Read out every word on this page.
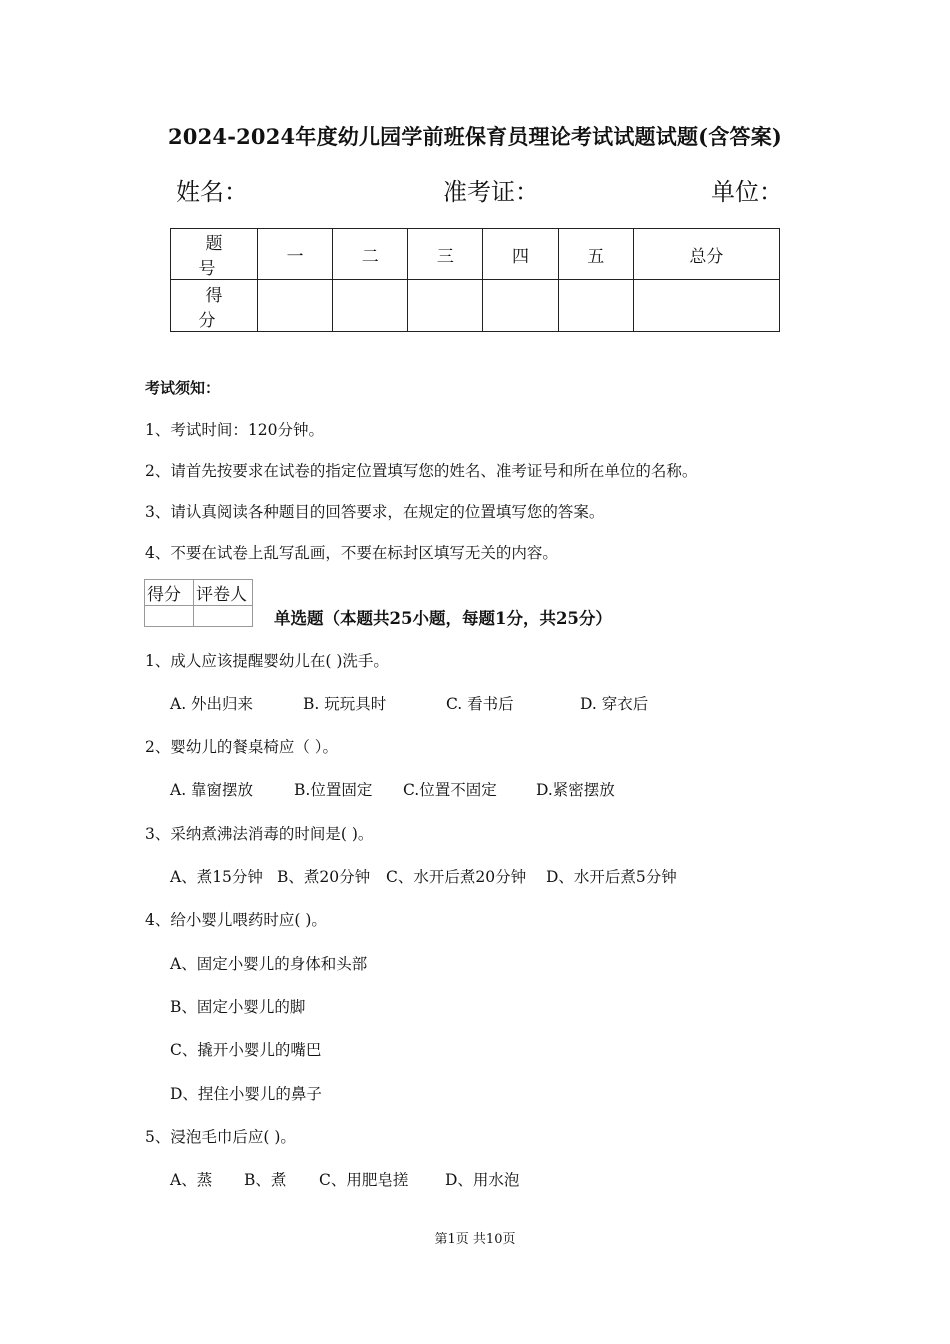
2024-2024年度幼儿园学前班保育员理论考试试题试题(含答案)
姓名：	准考证：	单位：
题 号	一	二	三	四	五	总分
得 分						
考试须知：
1、考试时间：120分钟。
2、请首先按要求在试卷的指定位置填写您的姓名、准考证号和所在单位的名称。
3、请认真阅读各种题目的回答要求，在规定的位置填写您的答案。
4、不要在试卷上乱写乱画，不要在标封区填写无关的内容。
得分	评卷人

单选题（本题共25小题，每题1分，共25分）
1、成人应该提醒婴幼儿在( )洗手。
A. 外出归来	B. 玩玩具时	C. 看书后	D. 穿衣后
2、婴幼儿的餐桌椅应（ ）。
A. 靠窗摆放	B.位置固定 C.位置不固定	D.紧密摆放
3、采纳煮沸法消毒的时间是( )。
A、煮15分钟 B、煮20分钟 C、水开后煮20分钟 D、水开后煮5分钟
4、给小婴儿喂药时应( )。
A、固定小婴儿的身体和头部
B、固定小婴儿的脚
C、撬开小婴儿的嘴巴
D、捏住小婴儿的鼻子
5、浸泡毛巾后应( )。
A、蒸 B、煮 C、用肥皂搓 D、用水泡
第1页 共10页
